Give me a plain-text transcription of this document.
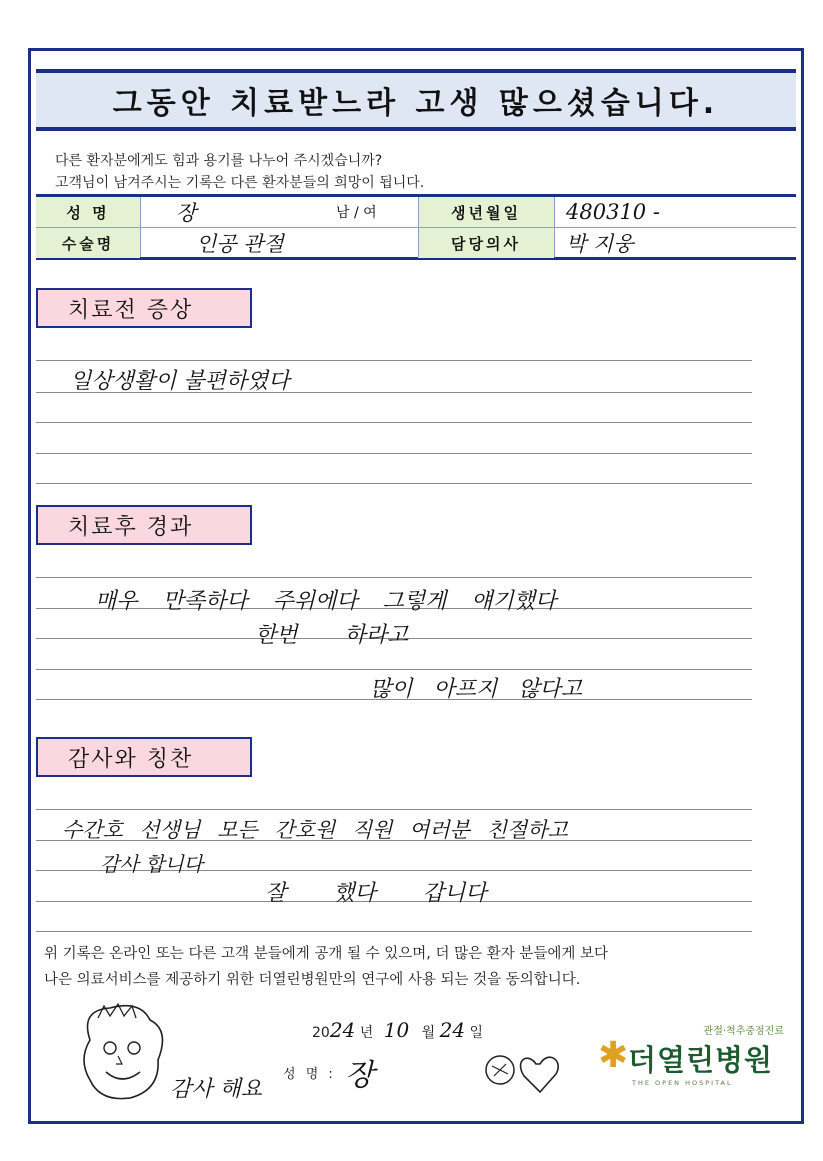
그동안 치료받느라 고생 많으셨습니다.
다른 환자분에게도 힘과 용기를 나누어 주시겠습니까?
고객님이 남겨주시는 기록은 다른 환자분들의 희망이 됩니다.
성 명	장	남 / 여	생년월일	480310 -
수술명	인공 관절	담당의사	박 지웅
치료전 증상
일상생활이 불편하였다
치료후 경과
매우 만족하다 주위에다 그렇게 얘기했다
한번 하라고
많이 아프지 않다고
감사와 칭찬
수간호 선생님 모든 간호원 직원 여러분 친절하고
감사 합니다
잘 했다 갑니다
위 기록은 온라인 또는 다른 고객 분들에게 공개 될 수 있으며, 더 많은 환자 분들에게 보다
나은 의료서비스를 제공하기 위한 더열린병원만의 연구에 사용 되는 것을 동의합니다.
2024 년 10 월 24 일
성 명 : 장
감사 해요
관절·척추중점진료
✱ 더열린병원
THE OPEN HOSPITAL
